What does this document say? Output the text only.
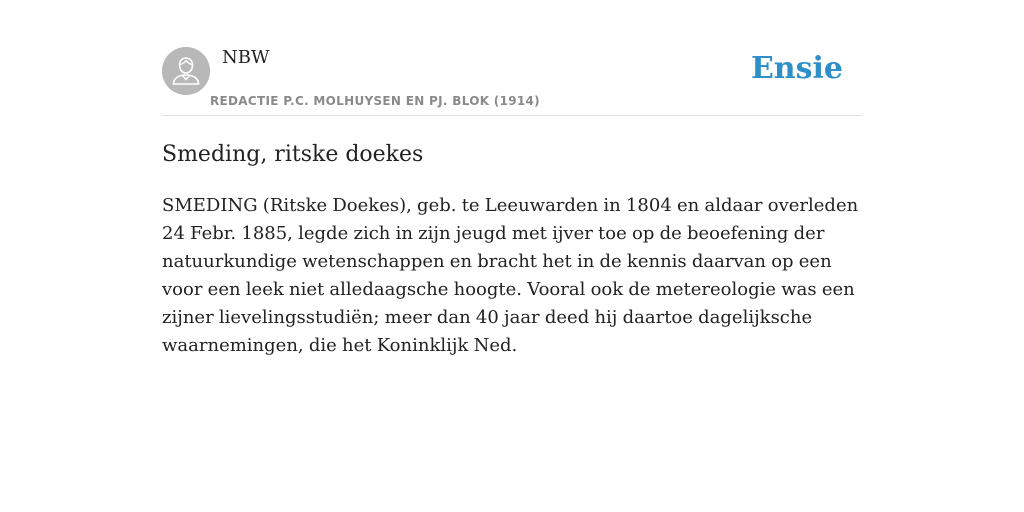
NBW
REDACTIE P.C. MOLHUYSEN EN PJ. BLOK (1914)
Ensie
Smeding, ritske doekes

SMEDING (Ritske Doekes), geb. te Leeuwarden in 1804 en aldaar overleden 24 Febr. 1885, legde zich in zijn jeugd met ijver toe op de beoefening der natuurkundige wetenschappen en bracht het in de kennis daarvan op een voor een leek niet alledaagsche hoogte. Vooral ook de metereologie was een zijner lievelingsstudiën; meer dan 40 jaar deed hij daartoe dagelijksche waarnemingen, die het Koninklijk Ned.
